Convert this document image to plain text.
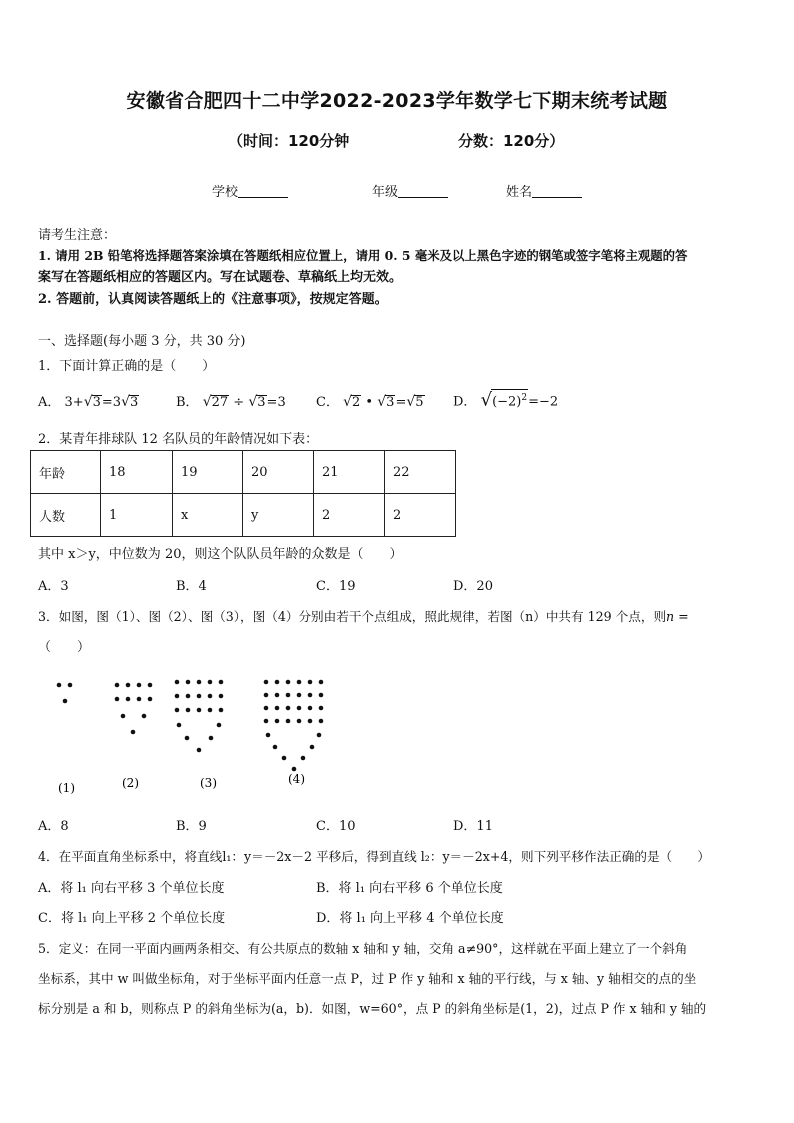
安徽省合肥四十二中学2022-2023学年数学七下期末统考试题
（时间：120分钟	分数：120分）
学校	年级	姓名
请考生注意：
1. 请用 2B 铅笔将选择题答案涂填在答题纸相应位置上，请用 0. 5 毫米及以上黑色字迹的钢笔或签字笔将主观题的答
案写在答题纸相应的答题区内。写在试题卷、草稿纸上均无效。
2. 答题前，认真阅读答题纸上的《注意事项》，按规定答题。
一、选择题(每小题 3 分，共 30 分)
1．下面计算正确的是（　　）
A． 3+√3=3√3	B． √27 ÷ √3=3 C． √2 • √3=√5 D． $√(-2)^2=-2$
2．某青年排球队 12 名队员的年龄情况如下表：
年龄	18	19	20	21	22
人数	1	x	y	2	2
其中 x＞y，中位数为 20，则这个队队员年龄的众数是（　　）
A．3	B．4	C．19	D．20
3．如图，图（1）、图（2）、图（3），图（4）分别由若干个点组成，照此规律，若图（n）中共有 129 个点，则n =
（　　）
(1)	(2)	(3)	(4)
A．8	B．9	C．10	D．11
4．在平面直角坐标系中，将直线l₁：y＝－2x－2 平移后，得到直线 l₂：y＝－2x+4，则下列平移作法正确的是（　　）
A．将 l₁ 向右平移 3 个单位长度	B．将 l₁ 向右平移 6 个单位长度
C．将 l₁ 向上平移 2 个单位长度	D．将 l₁ 向上平移 4 个单位长度
5．定义：在同一平面内画两条相交、有公共原点的数轴 x 轴和 y 轴，交角 a≠90°，这样就在平面上建立了一个斜角
坐标系，其中 w 叫做坐标角，对于坐标平面内任意一点 P，过 P 作 y 轴和 x 轴的平行线，与 x 轴、y 轴相交的点的坐
标分别是 a 和 b，则称点 P 的斜角坐标为(a，b)．如图，w=60°，点 P 的斜角坐标是(1，2)，过点 P 作 x 轴和 y 轴的
